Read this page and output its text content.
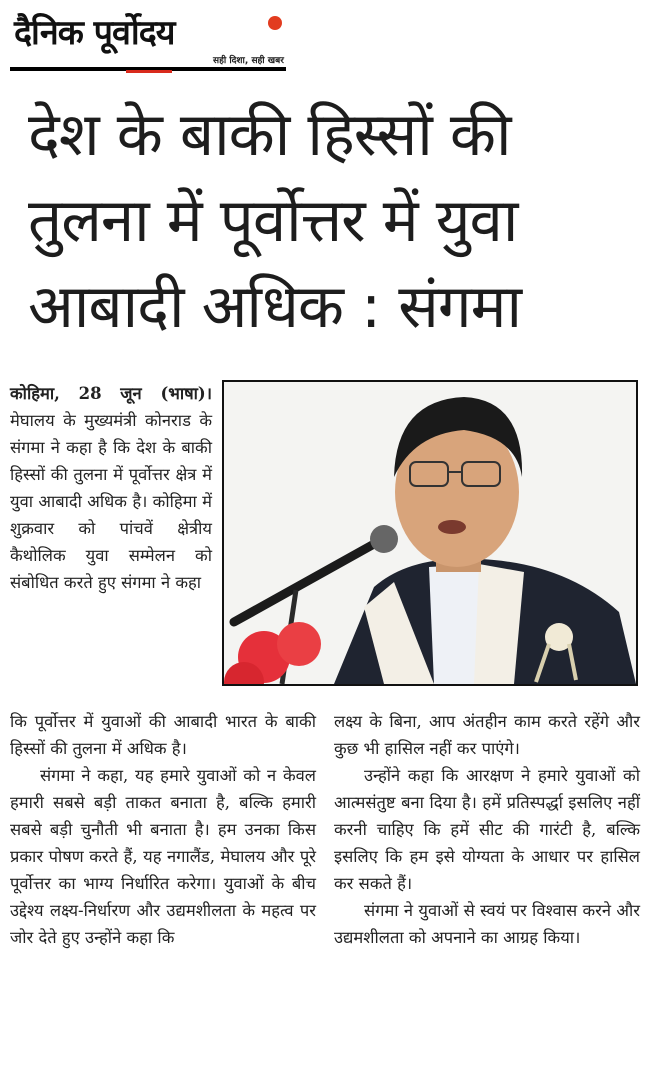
दैनिक पूर्वोदय
सही दिशा, सही खबर
देश के बाकी हिस्सों की
तुलना में पूर्वोत्तर में युवा
आबादी अधिक : संगमा

कोहिमा, 28 जून (भाषा)। मेघालय के मुख्यमंत्री कोनराड के संगमा ने कहा है कि देश के बाकी हिस्सों की तुलना में पूर्वोत्तर क्षेत्र में युवा आबादी अधिक है। कोहिमा में शुक्रवार को पांचवें क्षेत्रीय कैथोलिक युवा सम्मेलन को संबोधित करते हुए संगमा ने कहा

कि पूर्वोत्तर में युवाओं की आबादी भारत के बाकी हिस्सों की तुलना में अधिक है।

संगमा ने कहा, यह हमारे युवाओं को न केवल हमारी सबसे बड़ी ताकत बनाता है, बल्कि हमारी सबसे बड़ी चुनौती भी बनाता है। हम उनका किस प्रकार पोषण करते हैं, यह नगालैंड, मेघालय और पूरे पूर्वोत्तर का भाग्य निर्धारित करेगा। युवाओं के बीच उद्देश्य लक्ष्य-निर्धारण और उद्यमशीलता के महत्व पर जोर देते हुए उन्होंने कहा कि

लक्ष्य के बिना, आप अंतहीन काम करते रहेंगे और कुछ भी हासिल नहीं कर पाएंगे।

उन्होंने कहा कि आरक्षण ने हमारे युवाओं को आत्मसंतुष्ट बना दिया है। हमें प्रतिस्पर्द्धा इसलिए नहीं करनी चाहिए कि हमें सीट की गारंटी है, बल्कि इसलिए कि हम इसे योग्यता के आधार पर हासिल कर सकते हैं।

संगमा ने युवाओं से स्वयं पर विश्वास करने और उद्यमशीलता को अपनाने का आग्रह किया।
